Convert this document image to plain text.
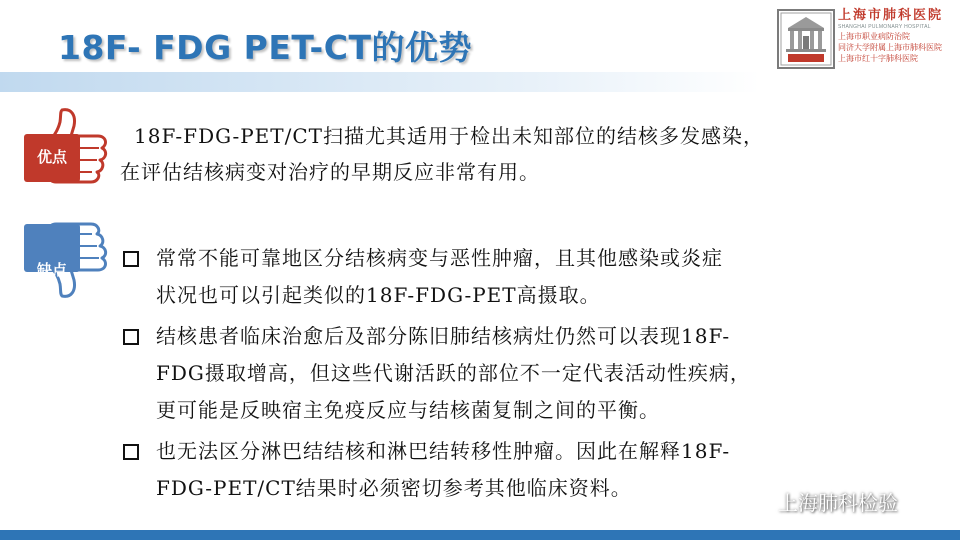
18F- FDG PET-CT的优势
上海市肺科医院
SHANGHAI PULMONARY HOSPITAL
上海市职业病防治院
同济大学附属上海市肺科医院
上海市红十字肺科医院
优点
18F-FDG-PET/CT扫描尤其适用于检出未知部位的结核多发感染，
在评估结核病变对治疗的早期反应非常有用。
缺点	常常不能可靠地区分结核病变与恶性肿瘤，且其他感染或炎症
状况也可以引起类似的18F-FDG-PET高摄取。
结核患者临床治愈后及部分陈旧肺结核病灶仍然可以表现18F-
FDG摄取增高，但这些代谢活跃的部位不一定代表活动性疾病，
更可能是反映宿主免疫反应与结核菌复制之间的平衡。
也无法区分淋巴结结核和淋巴结转移性肿瘤。因此在解释18F-
FDG-PET/CT结果时必须密切参考其他临床资料。
上海肺科检验
